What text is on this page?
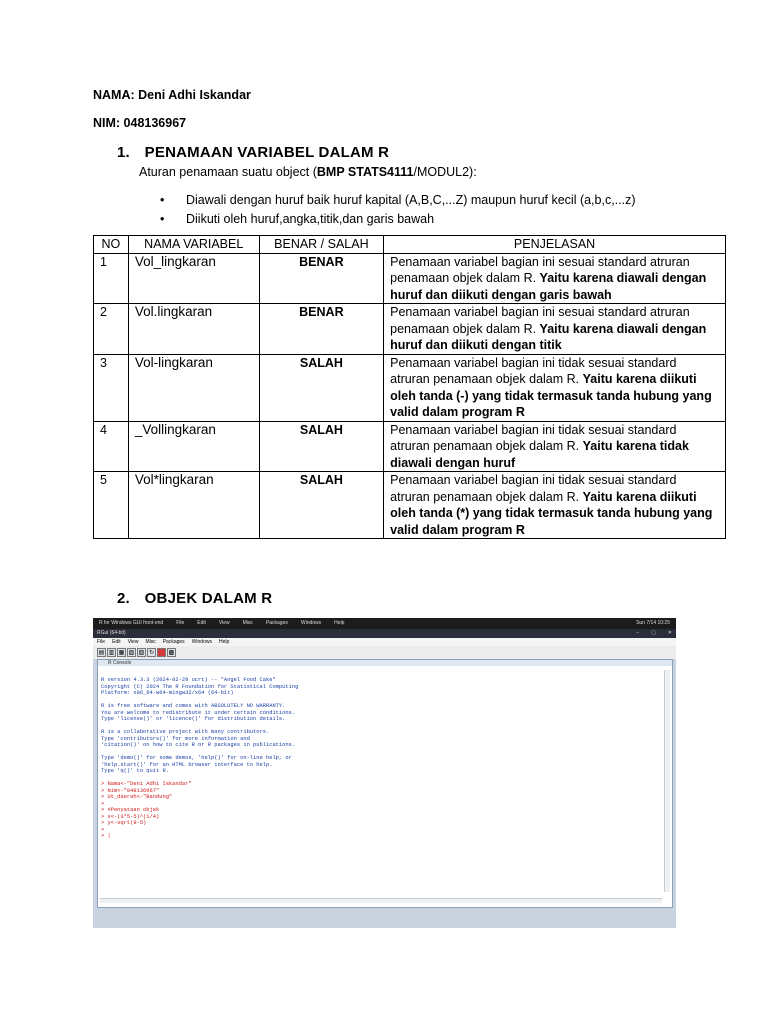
NAMA: Deni Adhi Iskandar
NIM: 048136967
1. PENAMAAN VARIABEL DALAM R
Aturan penamaan suatu object (BMP STATS4111/MODUL2):
• Diawali dengan huruf baik huruf kapital (A,B,C,...Z) maupun huruf kecil (a,b,c,...z)
• Diikuti oleh huruf,angka,titik,dan garis bawah
NO	NAMA VARIABEL	BENAR / SALAH	PENJELASAN
1	Vol_lingkaran	BENAR	Penamaan variabel bagian ini sesuai standard atruran penamaan objek dalam R. Yaitu karena diawali dengan huruf dan diikuti dengan garis bawah
2	Vol.lingkaran	BENAR	Penamaan variabel bagian ini sesuai standard atruran penamaan objek dalam R. Yaitu karena diawali dengan huruf dan diikuti dengan titik
3	Vol-lingkaran	SALAH	Penamaan variabel bagian ini tidak sesuai standard atruran penamaan objek dalam R. Yaitu karena diikuti oleh tanda (-) yang tidak termasuk tanda hubung yang valid dalam program R
4	_Vollingkaran	SALAH	Penamaan variabel bagian ini tidak sesuai standard atruran penamaan objek dalam R. Yaitu karena tidak diawali dengan huruf
5	Vol*lingkaran	SALAH	Penamaan variabel bagian ini tidak sesuai standard atruran penamaan objek dalam R. Yaitu karena diikuti oleh tanda (*) yang tidak termasuk tanda hubung yang valid dalam program R
2. OBJEK DALAM R
R for Windows GUI front-end	File	Edit	View	Misc	Packages	Windows	Help	Sun 7/14 10:25
RGui (64-bit)	– ▢ ✕
File Edit View Misc Packages Windows Help
▤ ▥ ▦ ▧ ▨ ↻	▩
R Console
R version 4.3.3 (2024-02-29 ucrt) -- "Angel Food Cake"
Copyright (C) 2024 The R Foundation for Statistical Computing
Platform: x86_64-w64-mingw32/x64 (64-bit)

R is free software and comes with ABSOLUTELY NO WARRANTY.
You are welcome to redistribute it under certain conditions.
Type 'license()' or 'licence()' for distribution details.

R is a collaborative project with many contributors.
Type 'contributors()' for more information and
'citation()' on how to cite R or R packages in publications.

Type 'demo()' for some demos, 'help()' for on-line help, or
'help.start()' for an HTML browser interface to help.
Type 'q()' to quit R.

> Nama<-"Deni Adhi Iskandar"
> Nim<-"048136967"
> Ut_daerah<-"Bandung"
>
> #Penyataan objek
> x<-(3*5-5)^(1/4)
> y<-sqrt(9-5)
>
> |
